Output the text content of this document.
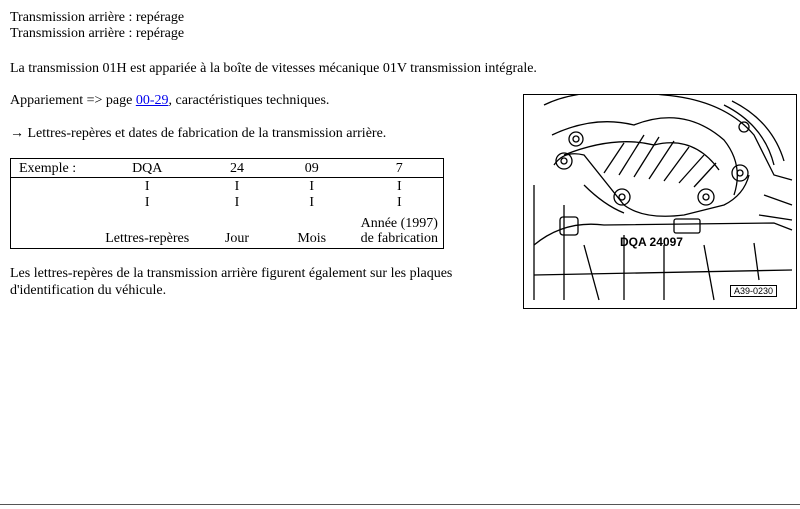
Transmission arrière : repérage
Transmission arrière : repérage
La transmission 01H est appariée à la boîte de vitesses mécanique 01V transmission intégrale.
Appariement => page 00-29, caractéristiques techniques.
→ Lettres-repères et dates de fabrication de la transmission arrière.
Exemple :	DQA	24	09	7
	I	I	I	I
	I	I	I	I
	Lettres-repères	Jour	Mois	Année (1997)
de fabrication
Les lettres-repères de la transmission arrière figurent également sur les plaques
d'identification du véhicule.
DQA 24097
A39-0230
